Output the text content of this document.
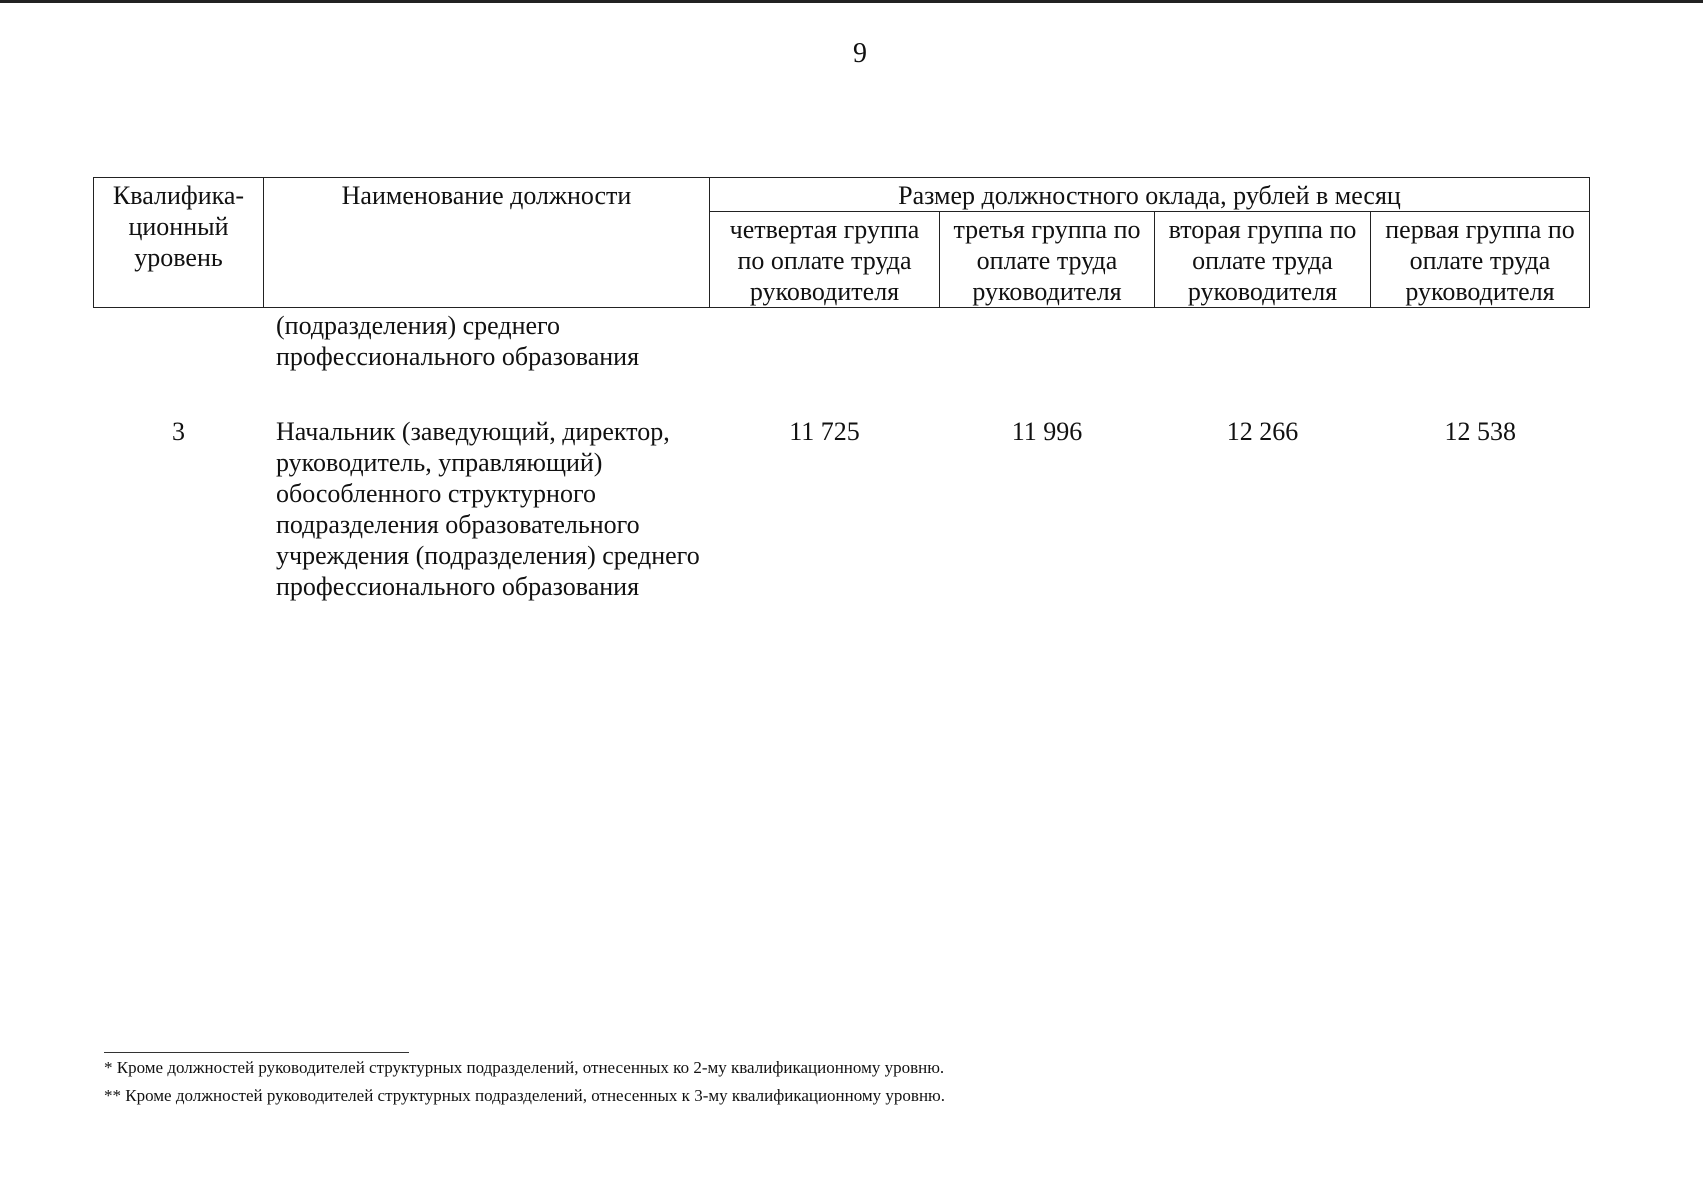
9
Квалифика-ционный уровень	Наименование должности	Размер должностного оклада, рублей в месяц			
		четвертая группа по оплате труда руководителя	третья группа по оплате труда руководителя	вторая группа по оплате труда руководителя	первая группа по оплате труда руководителя
	(подразделения) среднего профессионального образования				
3	Начальник (заведующий, директор, руководитель, управляющий) обособленного структурного подразделения образовательного учреждения (подразделения) среднего профессионального образования	11 725	11 996	12 266	12 538
* Кроме должностей руководителей структурных подразделений, отнесенных ко 2-му квалификационному уровню.
** Кроме должностей руководителей структурных подразделений, отнесенных к 3-му квалификационному уровню.
